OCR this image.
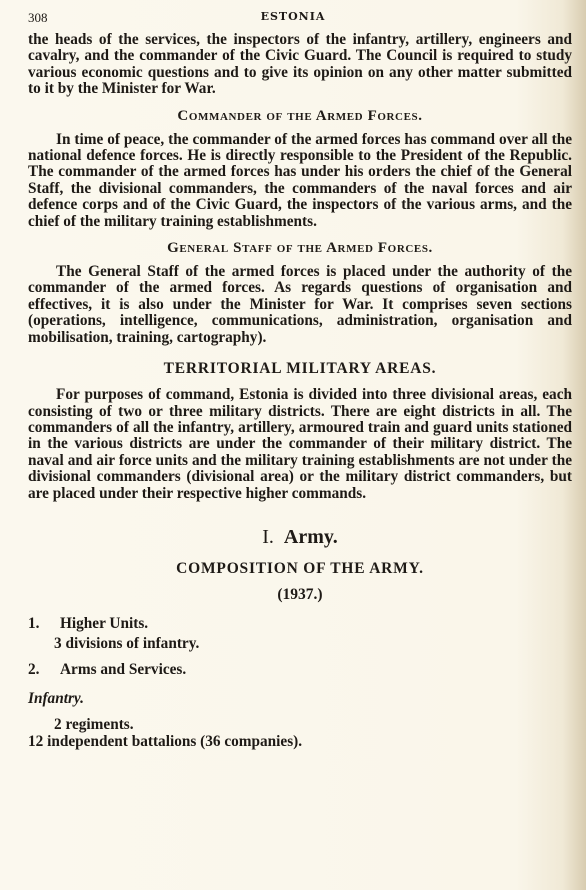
308	ESTONIA

the heads of the services, the inspectors of the infantry, artillery, engineers and cavalry, and the commander of the Civic Guard. The Council is required to study various economic questions and to give its opinion on any other matter submitted to it by the Minister for War.

Commander of the Armed Forces.

In time of peace, the commander of the armed forces has command over all the national defence forces. He is directly responsible to the President of the Republic. The commander of the armed forces has under his orders the chief of the General Staff, the divisional commanders, the commanders of the naval forces and air defence corps and of the Civic Guard, the inspectors of the various arms, and the chief of the military training establishments.

General Staff of the Armed Forces.

The General Staff of the armed forces is placed under the authority of the commander of the armed forces. As regards questions of organisation and effectives, it is also under the Minister for War. It comprises seven sections (operations, intelligence, communications, administration, organisation and mobilisation, training, cartography).

TERRITORIAL MILITARY AREAS.

For purposes of command, Estonia is divided into three divisional areas, each consisting of two or three military districts. There are eight districts in all. The commanders of all the infantry, artillery, armoured train and guard units stationed in the various districts are under the commander of their military district. The naval and air force units and the military training establishments are not under the divisional commanders (divisional area) or the military district commanders, but are placed under their respective higher commands.

I. Army.
COMPOSITION OF THE ARMY.
(1937.)
1. Higher Units.
3 divisions of infantry.
2. Arms and Services.
Infantry.
2 regiments.
12 independent battalions (36 companies).
